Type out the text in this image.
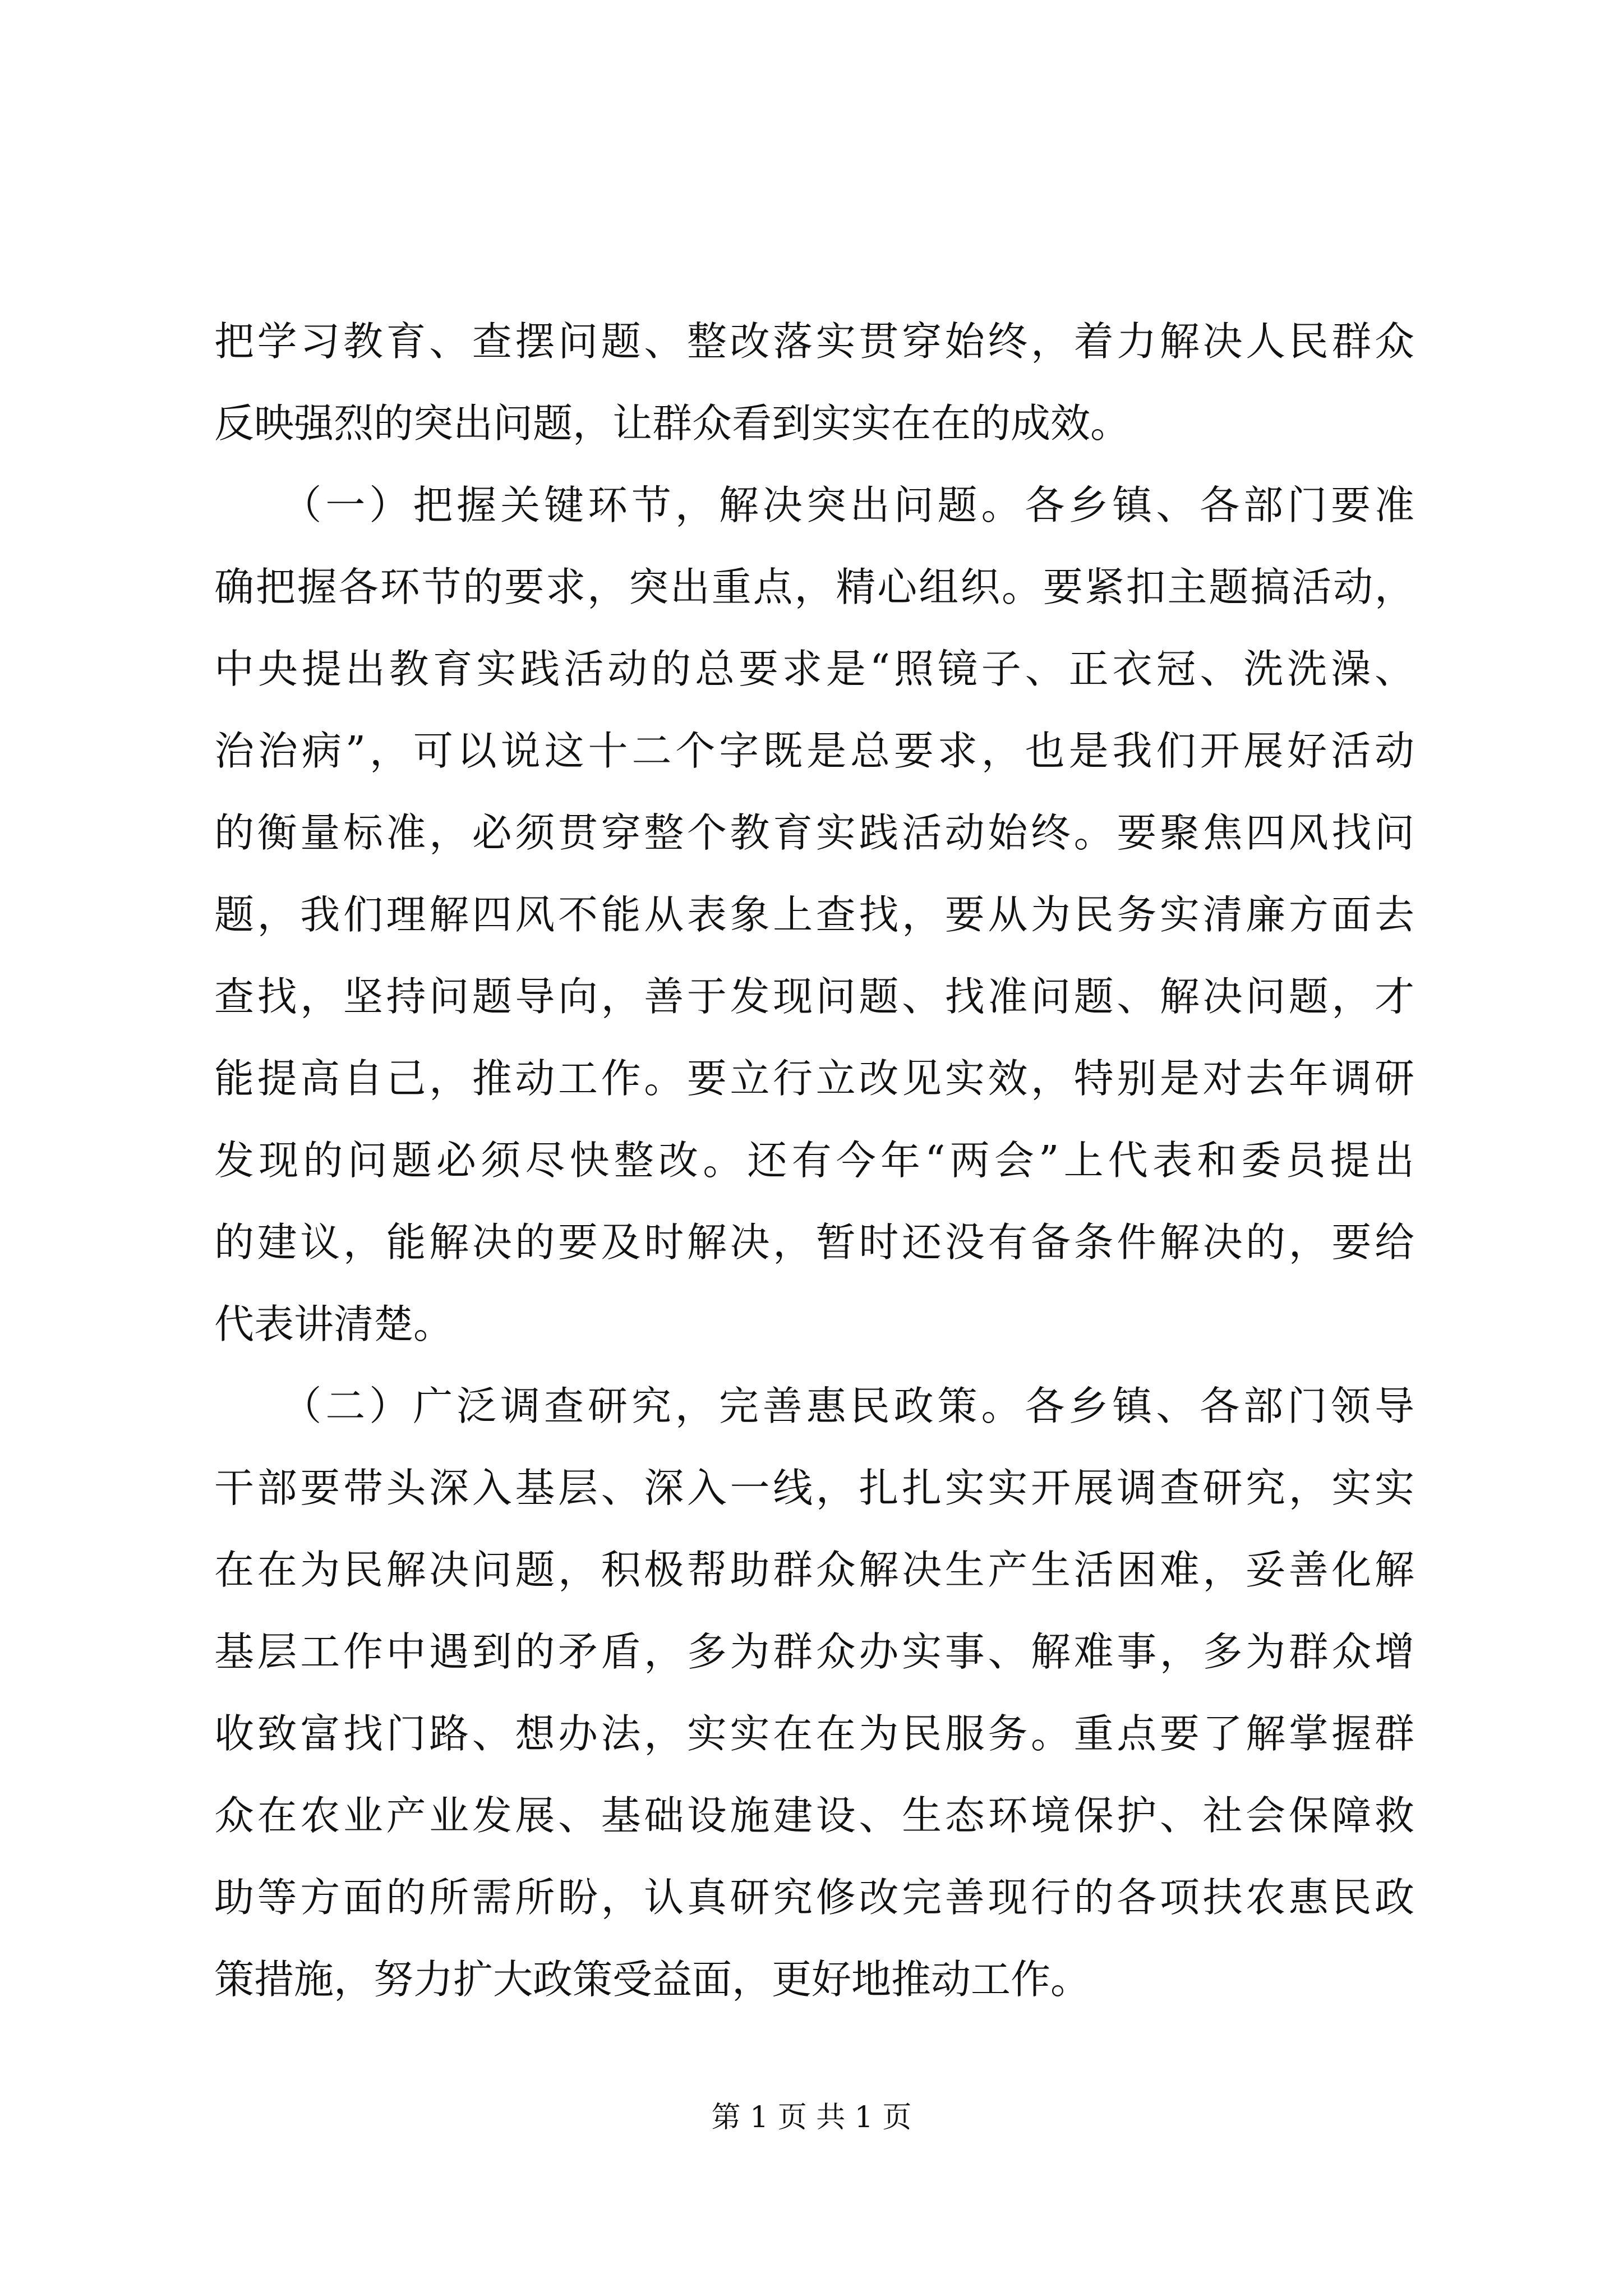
把学习教育、查摆问题、整改落实贯穿始终，着力解决人民群众
反映强烈的突出问题，让群众看到实实在在的成效。
　　（一）把握关键环节，解决突出问题。各乡镇、各部门要准
确把握各环节的要求，突出重点，精心组织。要紧扣主题搞活动，
中央提出教育实践活动的总要求是“照镜子、正衣冠、洗洗澡、
治治病”，可以说这十二个字既是总要求，也是我们开展好活动
的衡量标准，必须贯穿整个教育实践活动始终。要聚焦四风找问
题，我们理解四风不能从表象上查找，要从为民务实清廉方面去
查找，坚持问题导向，善于发现问题、找准问题、解决问题，才
能提高自己，推动工作。要立行立改见实效，特别是对去年调研
发现的问题必须尽快整改。还有今年“两会”上代表和委员提出
的建议，能解决的要及时解决，暂时还没有备条件解决的，要给
代表讲清楚。
　　（二）广泛调查研究，完善惠民政策。各乡镇、各部门领导
干部要带头深入基层、深入一线，扎扎实实开展调查研究，实实
在在为民解决问题，积极帮助群众解决生产生活困难，妥善化解
基层工作中遇到的矛盾，多为群众办实事、解难事，多为群众增
收致富找门路、想办法，实实在在为民服务。重点要了解掌握群
众在农业产业发展、基础设施建设、生态环境保护、社会保障救
助等方面的所需所盼，认真研究修改完善现行的各项扶农惠民政
策措施，努力扩大政策受益面，更好地推动工作。
第 1 页 共 1 页
